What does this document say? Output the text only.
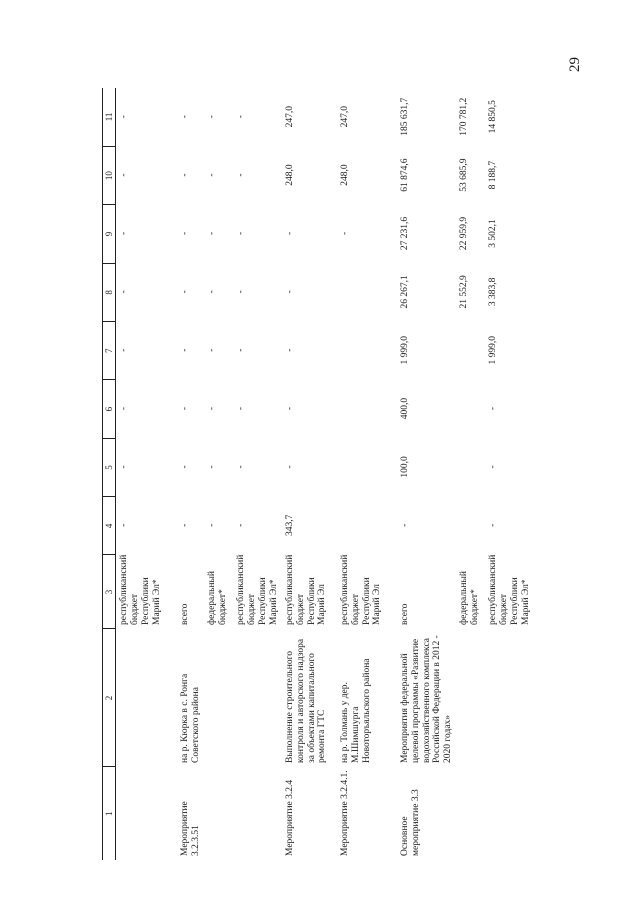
29
1	2	3	4	5	6	7	8	9	10	11
		республиканский бюджет Республики Марий Эл*	-	-	-	-	-	-	-	-
Мероприятие 3.2.3.51	на р. Кюрка в с. Ронга Советского района	всего	-	-	-	-	-	-	-	-
		федеральный бюджет*	-	-	-	-	-	-	-	-
		республиканский бюджет Республики Марий Эл*	-	-	-	-	-	-	-	-
Мероприятие 3.2.4	Выполнение строительного контроля и авторского надзора за объектами капитального ремонта ГТС	республиканский бюджет Республики Марий Эл	343,7	-	-	-	-	-	248,0	247,0
Мероприятие 3.2.4.1.	на р. Толмань у дер. М.Шимшурга Новоторъяльского района	республиканский бюджет Республики Марий Эл						-	248,0	247,0
Основное мероприятие 3.3	Мероприятия федеральной целевой программы «Развитие водохозяйственного комплекса Российской Федерации в 2012 - 2020 годах»	всего	-	100,0	400,0	1 999,0	26 267,1	27 231,6	61 874,6	185 631,7
		федеральный бюджет*					21 552,9	22 959,9	53 685,9	170 781,2
		республиканский бюджет Республики Марий Эл*	-	-	-	1 999,0	3 383,8	3 502,1	8 188,7	14 850,5
